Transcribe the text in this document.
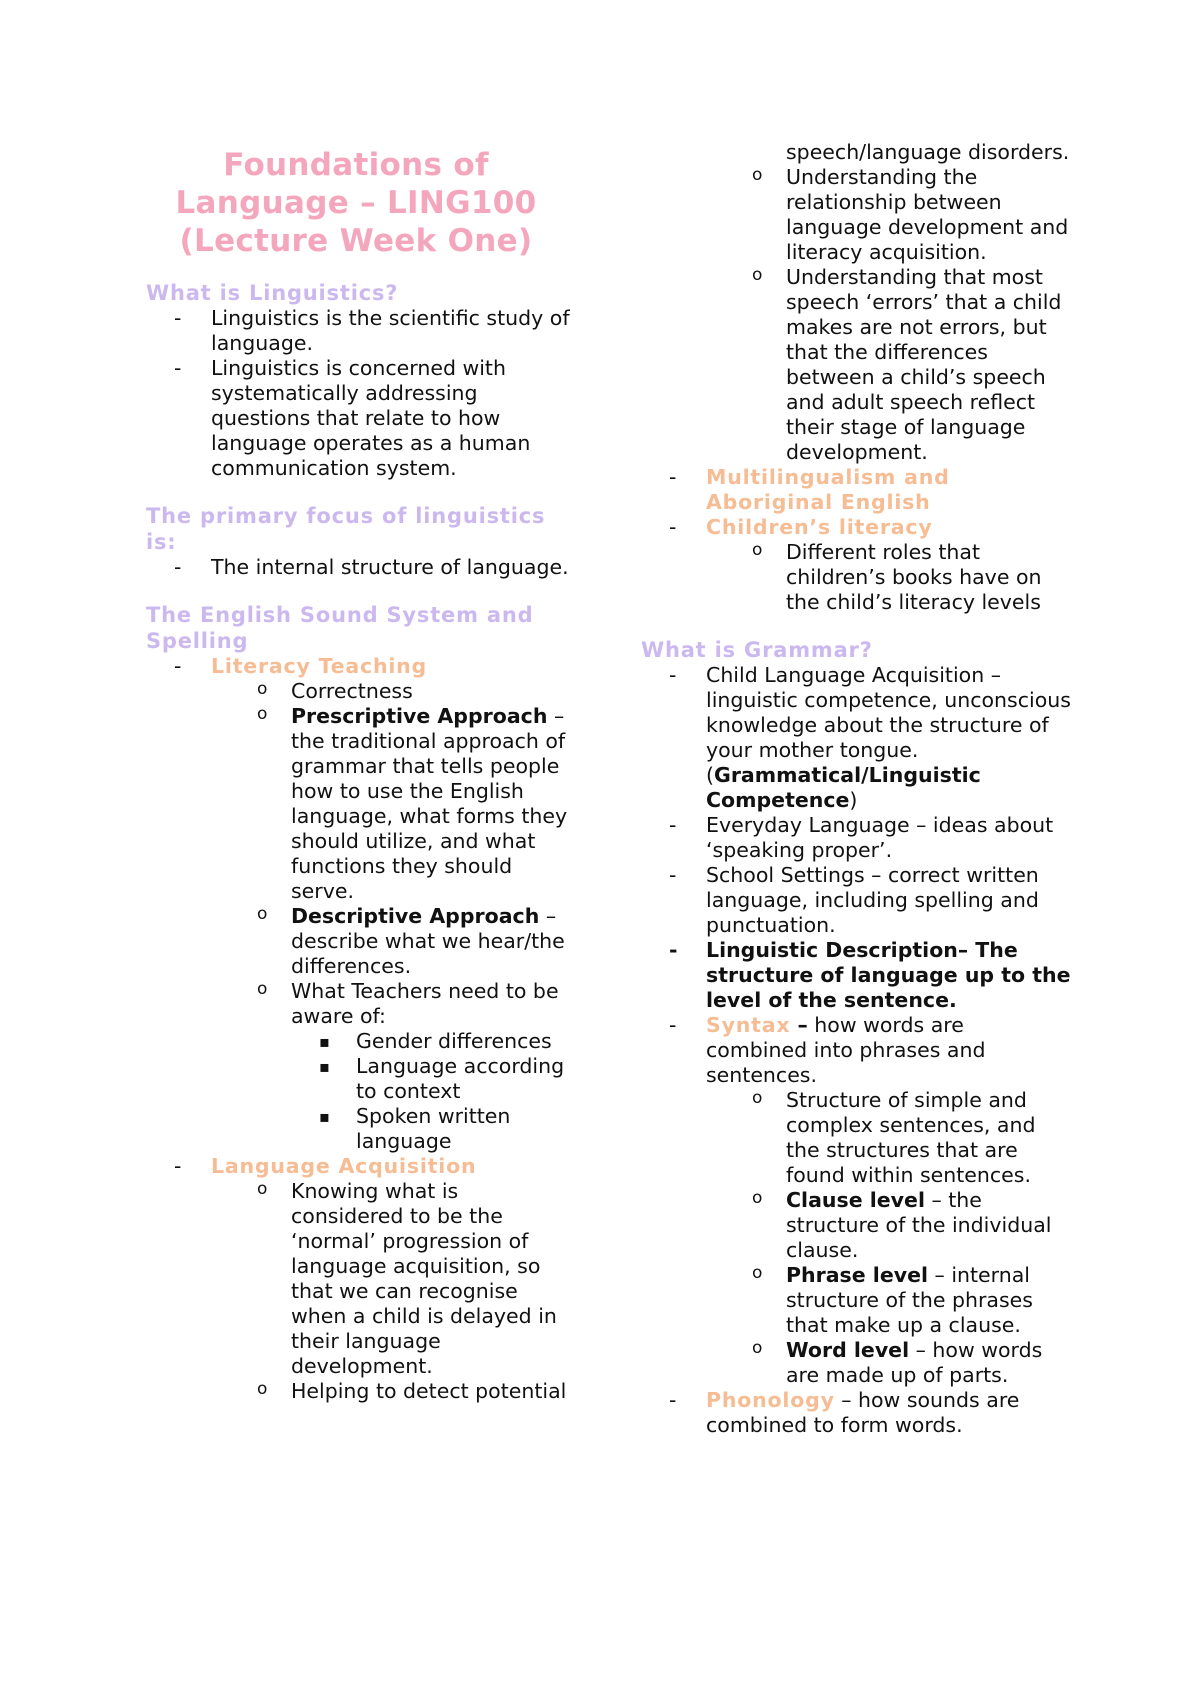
Foundations of
Language – LING100
(Lecture Week One)
What is Linguistics?
- Linguistics is the scientific study of language.
- Linguistics is concerned with systematically addressing questions that relate to how language operates as a human communication system.
The primary focus of linguistics is:
- The internal structure of language.
The English Sound System and Spelling
- Literacy Teaching
o Correctness
o Prescriptive Approach – the traditional approach of grammar that tells people how to use the English language, what forms they should utilize, and what functions they should serve.
o Descriptive Approach – describe what we hear/the differences.
o What Teachers need to be aware of:
▪ Gender differences
▪ Language according to context
▪ Spoken written language
- Language Acquisition
o Knowing what is considered to be the ‘normal’ progression of language acquisition, so that we can recognise when a child is delayed in their language development.
o Helping to detect potential
speech/language disorders.
o Understanding the relationship between language development and literacy acquisition.
o Understanding that most speech ‘errors’ that a child makes are not errors, but that the differences between a child’s speech and adult speech reflect their stage of language development.
- Multilingualism and Aboriginal English
- Children’s literacy
o Different roles that children’s books have on the child’s literacy levels
What is Grammar?
- Child Language Acquisition – linguistic competence, unconscious knowledge about the structure of your mother tongue. (Grammatical/Linguistic Competence)
- Everyday Language – ideas about ‘speaking proper’.
- School Settings – correct written language, including spelling and punctuation.
- Linguistic Description– The structure of language up to the level of the sentence.
- Syntax – how words are combined into phrases and sentences.
o Structure of simple and complex sentences, and the structures that are found within sentences.
o Clause level – the structure of the individual clause.
o Phrase level – internal structure of the phrases that make up a clause.
o Word level – how words are made up of parts.
- Phonology – how sounds are combined to form words.
